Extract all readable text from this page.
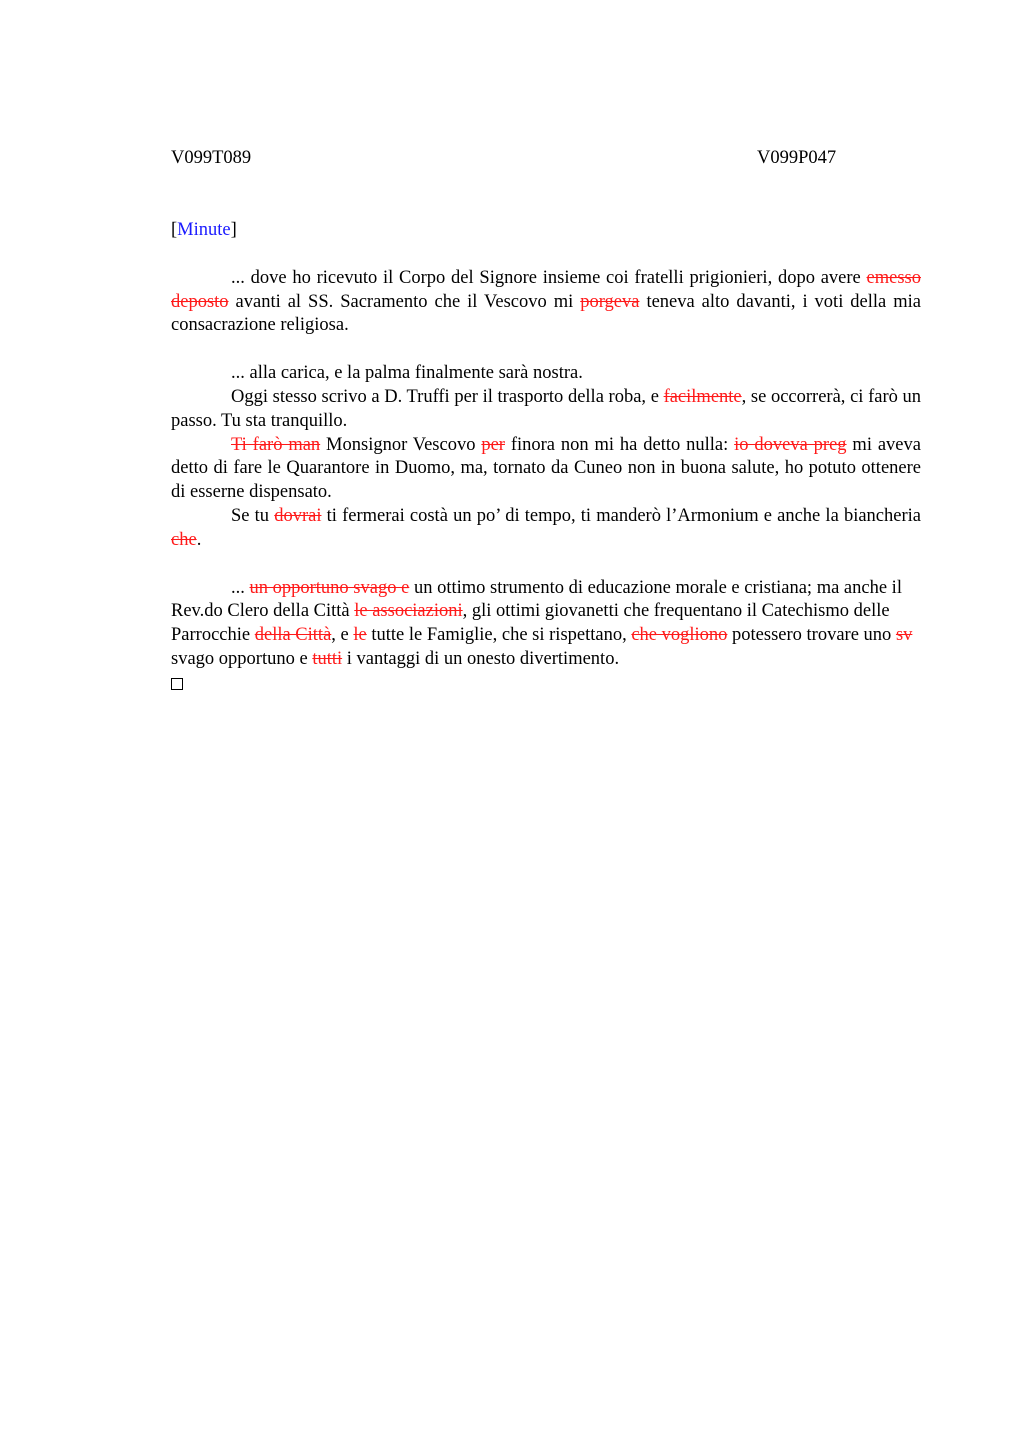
V099T089	V099P047
[Minute]

... dove ho ricevuto il Corpo del Signore insieme coi fratelli prigionieri, dopo avere emesso deposto avanti al SS. Sacramento che il Vescovo mi porgeva teneva alto davanti, i voti della mia consacrazione religiosa.

... alla carica, e la palma finalmente sarà nostra.

Oggi stesso scrivo a D. Truffi per il trasporto della roba, e facilmente, se occorrerà, ci farò un passo. Tu sta tranquillo.

Ti farò man Monsignor Vescovo per finora non mi ha detto nulla: io doveva preg mi aveva detto di fare le Quarantore in Duomo, ma, tornato da Cuneo non in buona salute, ho potuto ottenere di esserne dispensato.

Se tu dovrai ti fermerai costà un po’ di tempo, ti manderò l’Armonium e anche la biancheria che.

... un opportuno svago e un ottimo strumento di educazione morale e cristiana; ma anche il Rev.do Clero della Città le associazioni, gli ottimi giovanetti che frequentano il Catechismo delle Parrocchie della Città, e le tutte le Famiglie, che si rispettano, che vogliono potessero trovare uno sv svago opportuno e tutti i vantaggi di un onesto divertimento.
